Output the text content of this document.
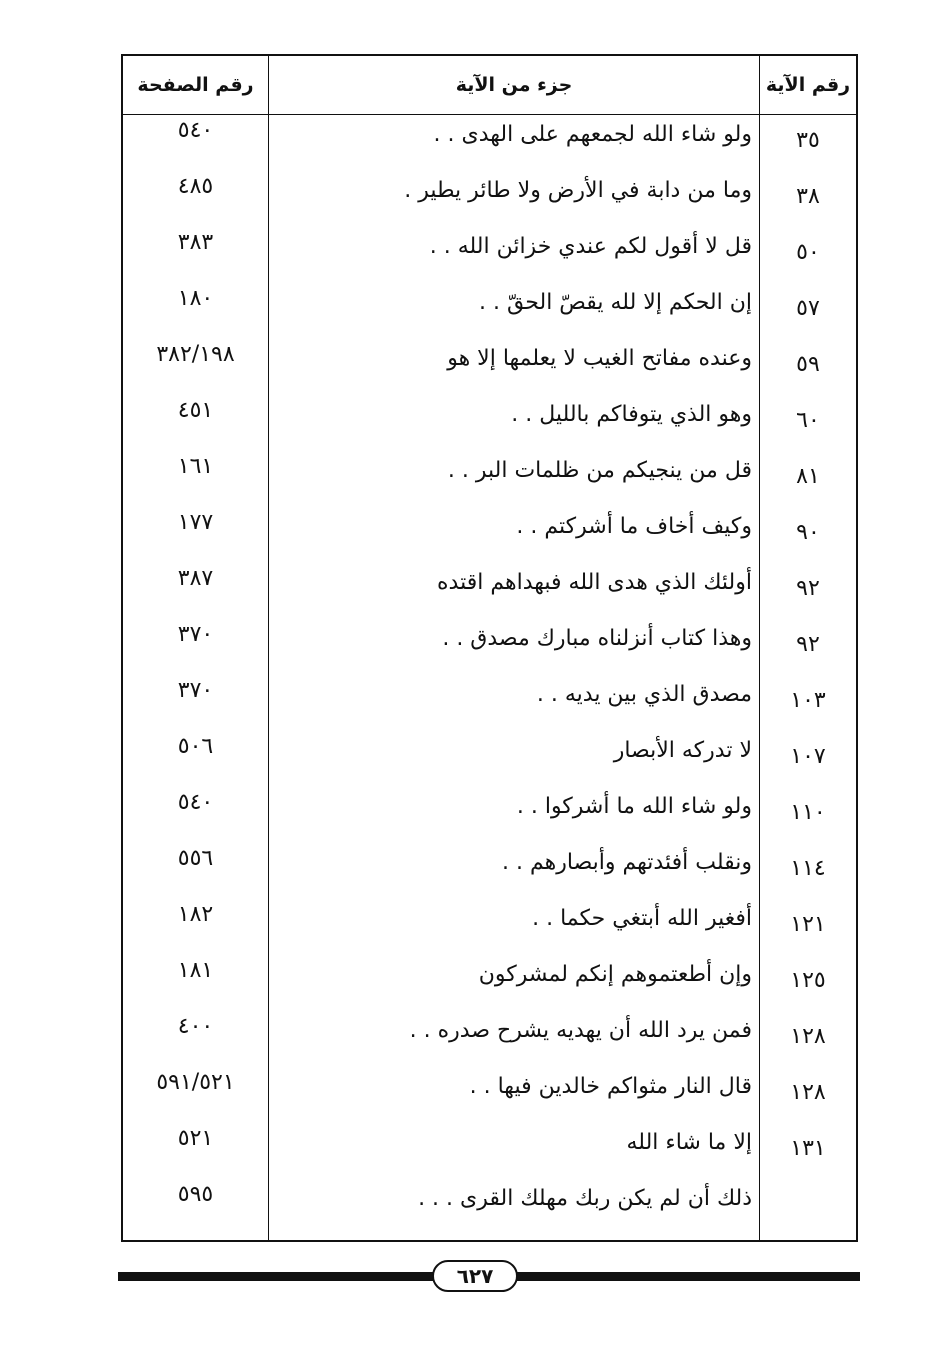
رقم الآية
جزء من الآية
رقم الصفحة
٣٥
ولو شاء الله لجمعهم على الهدى . .
٥٤٠
٣٨
وما من دابة في الأرض ولا طائر يطير .
٤٨٥
٥٠
قل لا أقول لكم عندي خزائن الله . .
٣٨٣
٥٧
إن الحكم إلا لله يقصّ الحقّ . .
١٨٠
٥٩
وعنده مفاتح الغيب لا يعلمها إلا هو
٣٨٢/١٩٨
٦٠
وهو الذي يتوفاكم بالليل . .
٤٥١
٨١
قل من ينجيكم من ظلمات البر . .
١٦١
٩٠
وكيف أخاف ما أشركتم . .
١٧٧
٩٢
أولئك الذي هدى الله فبهداهم اقتده
٣٨٧
٩٢
وهذا كتاب أنزلناه مبارك مصدق . .
٣٧٠
١٠٣
مصدق الذي بين يديه . .
٣٧٠
١٠٧
لا تدركه الأبصار
٥٠٦
١١٠
ولو شاء الله ما أشركوا . .
٥٤٠
١١٤
ونقلب أفئدتهم وأبصارهم . .
٥٥٦
١٢١
أفغير الله أبتغي حكما . .
١٨٢
١٢٥
وإن أطعتموهم إنكم لمشركون
١٨١
١٢٨
فمن يرد الله أن يهديه يشرح صدره . .
٤٠٠
١٢٨
قال النار مثواكم خالدين فيها . .
٥٩١/٥٢١
١٣١
إلا ما شاء الله
٥٢١
ذلك أن لم يكن ربك مهلك القرى . . .
٥٩٥
٦٢٧
